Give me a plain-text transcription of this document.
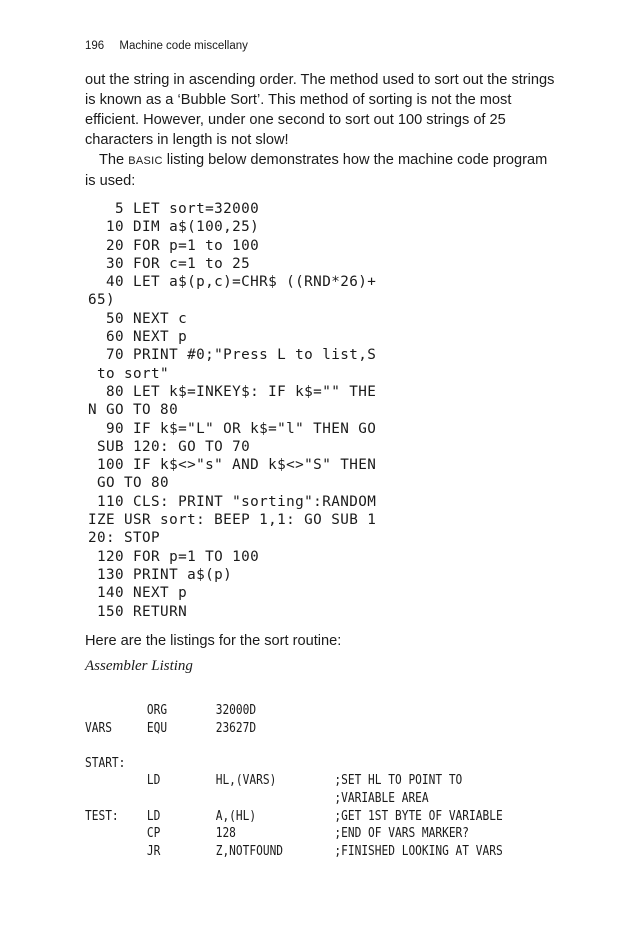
196 Machine code miscellany

out the string in ascending order. The method used to sort out the strings is known as a ‘Bubble Sort’. This method of sorting is not the most efficient. However, under one second to sort out 100 strings of 25 characters in length is not slow!

The BASIC listing below demonstrates how the machine code program is used:

5 LET sort=32000
10 DIM a$(100,25)
20 FOR p=1 to 100
30 FOR c=1 to 25
40 LET a$(p,c)=CHR$ ((RND*26)+
65)
50 NEXT c
60 NEXT p
70 PRINT #0;"Press L to list,S
to sort"
80 LET k$=INKEY$: IF k$="" THE
N GO TO 80
90 IF k$="L" OR k$="l" THEN GO
SUB 120: GO TO 70
100 IF k$<>"s" AND k$<>"S" THEN
GO TO 80
110 CLS: PRINT "sorting":RANDOM
IZE USR sort: BEEP 1,1: GO SUB 1
20: STOP
120 FOR p=1 TO 100
130 PRINT a$(p)
140 NEXT p
150 RETURN

Here are the listings for the sort routine:

Assembler Listing
ORG	32000D
VARS	EQU	23627D
START:
LD	HL,(VARS)	;SET HL TO POINT TO
;VARIABLE AREA
TEST: LD	A,(HL)	;GET 1ST BYTE OF VARIABLE
CP	128	;END OF VARS MARKER?
JR	Z,NOTFOUND	;FINISHED LOOKING AT VARS
